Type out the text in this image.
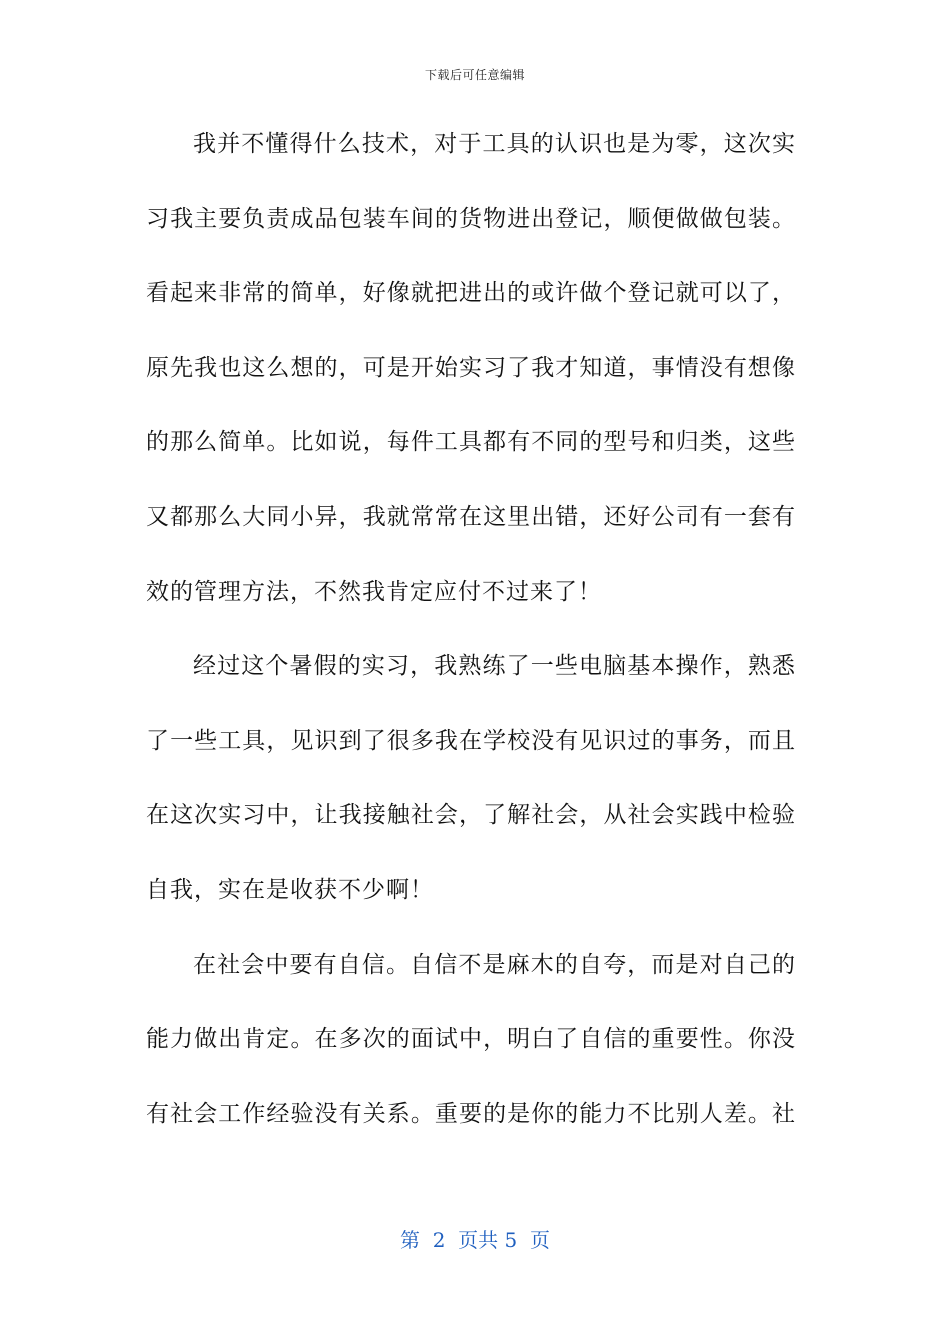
下载后可任意编辑
我并不懂得什么技术，对于工具的认识也是为零，这次实
习我主要负责成品包装车间的货物进出登记，顺便做做包装。
看起来非常的简单，好像就把进出的或许做个登记就可以了，
原先我也这么想的，可是开始实习了我才知道，事情没有想像
的那么简单。比如说，每件工具都有不同的型号和归类，这些
又都那么大同小异，我就常常在这里出错，还好公司有一套有
效的管理方法，不然我肯定应付不过来了！
经过这个暑假的实习，我熟练了一些电脑基本操作，熟悉
了一些工具，见识到了很多我在学校没有见识过的事务，而且
在这次实习中，让我接触社会，了解社会，从社会实践中检验
自我，实在是收获不少啊！
在社会中要有自信。自信不是麻木的自夸，而是对自己的
能力做出肯定。在多次的面试中，明白了自信的重要性。你没
有社会工作经验没有关系。重要的是你的能力不比别人差。社
第  2  页共 5  页
